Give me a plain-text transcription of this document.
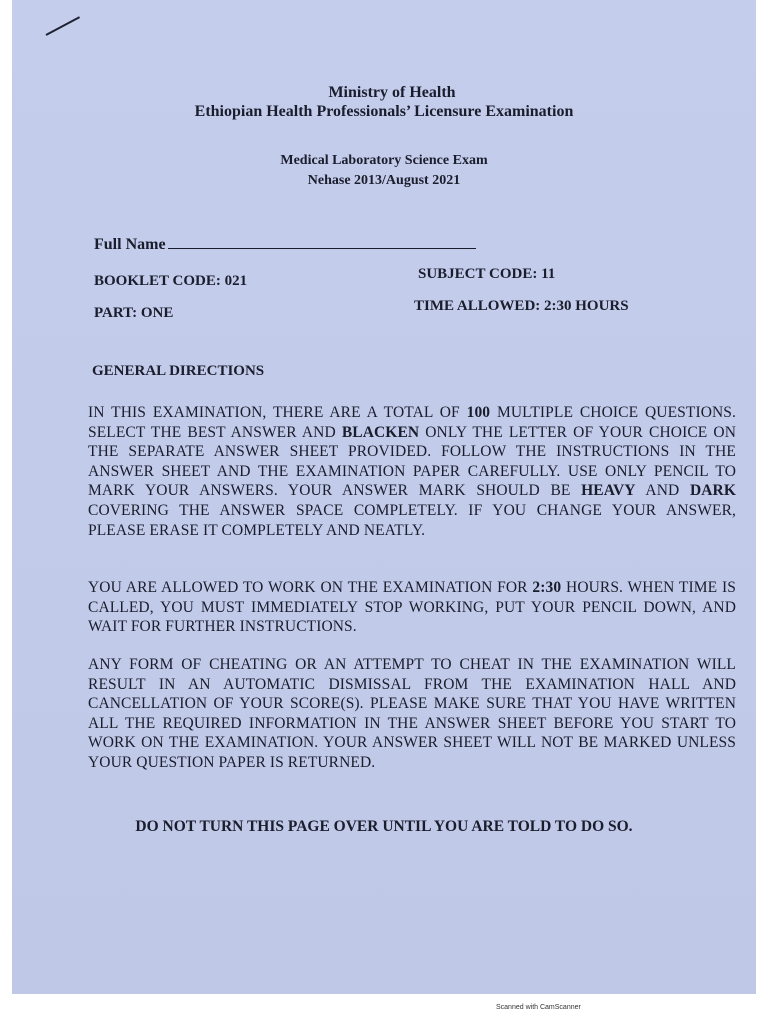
Ministry of Health
Ethiopian Health Professionals’ Licensure Examination
Medical Laboratory Science Exam
Nehase 2013/August 2021
Full Name
BOOKLET CODE: 021	SUBJECT CODE: 11
PART: ONE	TIME ALLOWED: 2:30 HOURS
GENERAL DIRECTIONS
IN THIS EXAMINATION, THERE ARE A TOTAL OF 100 MULTIPLE CHOICE QUESTIONS. SELECT THE BEST ANSWER AND BLACKEN ONLY THE LETTER OF YOUR CHOICE ON THE SEPARATE ANSWER SHEET PROVIDED. FOLLOW THE INSTRUCTIONS IN THE ANSWER SHEET AND THE EXAMINATION PAPER CAREFULLY. USE ONLY PENCIL TO MARK YOUR ANSWERS. YOUR ANSWER MARK SHOULD BE HEAVY AND DARK COVERING THE ANSWER SPACE COMPLETELY. IF YOU CHANGE YOUR ANSWER, PLEASE ERASE IT COMPLETELY AND NEATLY.
YOU ARE ALLOWED TO WORK ON THE EXAMINATION FOR 2:30 HOURS. WHEN TIME IS CALLED, YOU MUST IMMEDIATELY STOP WORKING, PUT YOUR PENCIL DOWN, AND WAIT FOR FURTHER INSTRUCTIONS.
ANY FORM OF CHEATING OR AN ATTEMPT TO CHEAT IN THE EXAMINATION WILL RESULT IN AN AUTOMATIC DISMISSAL FROM THE EXAMINATION HALL AND CANCELLATION OF YOUR SCORE(S). PLEASE MAKE SURE THAT YOU HAVE WRITTEN ALL THE REQUIRED INFORMATION IN THE ANSWER SHEET BEFORE YOU START TO WORK ON THE EXAMINATION. YOUR ANSWER SHEET WILL NOT BE MARKED UNLESS YOUR QUESTION PAPER IS RETURNED.
DO NOT TURN THIS PAGE OVER UNTIL YOU ARE TOLD TO DO SO.
Scanned with CamScanner
